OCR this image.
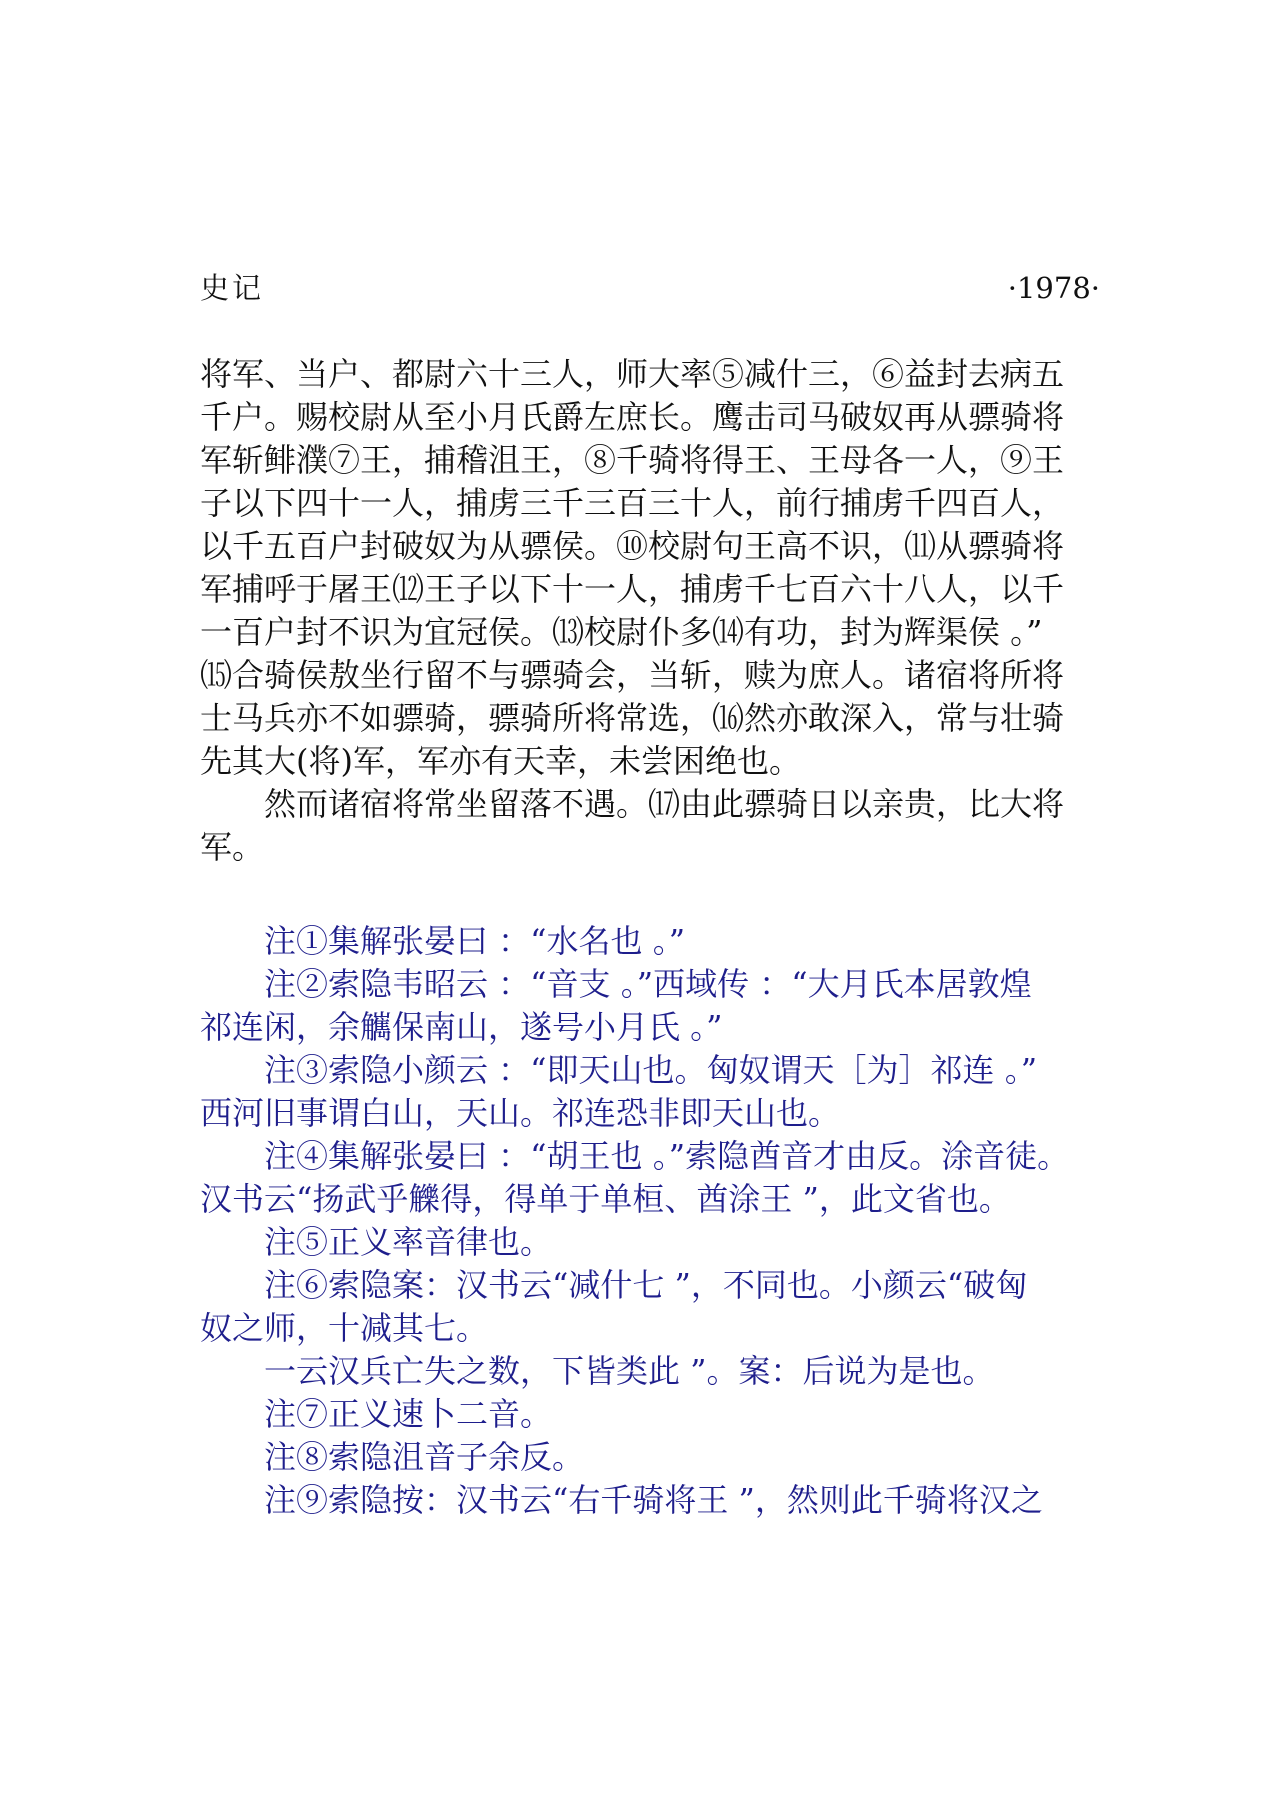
史记	·1978·
将军、当户、都尉六十三人，师大率⑤减什三，⑥益封去病五
千户。赐校尉从至小月氏爵左庶长。鹰击司马破奴再从骠骑将
军斩鲱濮⑦王，捕稽沮王，⑧千骑将得王、王母各一人，⑨王
子以下四十一人，捕虏三千三百三十人，前行捕虏千四百人，
以千五百户封破奴为从骠侯。⑩校尉句王高不识，⑾从骠骑将
军捕呼于屠王⑿王子以下十一人，捕虏千七百六十八人，以千
一百户封不识为宜冠侯。⒀校尉仆多⒁有功，封为辉渠侯 。”
⒂合骑侯敖坐行留不与骠骑会，当斩，赎为庶人。诸宿将所将
士马兵亦不如骠骑，骠骑所将常选，⒃然亦敢深入，常与壮骑
先其大(将)军，军亦有天幸，未尝困绝也。
然而诸宿将常坐留落不遇。⒄由此骠骑日以亲贵，比大将
军。
注①集解张晏曰 ：“水名也 。”
注②索隐韦昭云 ：“音支 。”西域传 ：“大月氏本居敦煌
祁连闲，余觽保南山，遂号小月氏 。”
注③索隐小颜云 ：“即天山也。匈奴谓天［为］祁连 。”
西河旧事谓白山，天山。祁连恐非即天山也。
注④集解张晏曰 ：“胡王也 。”索隐酋音才由反。涂音徒。
汉书云“扬武乎觻得，得单于单桓、酋涂王 ”，此文省也。
注⑤正义率音律也。
注⑥索隐案：汉书云“减什七 ”，不同也。小颜云“破匈
奴之师，十减其七。
一云汉兵亡失之数，下皆类此 ”。案：后说为是也。
注⑦正义速卜二音。
注⑧索隐沮音子余反。
注⑨索隐按：汉书云“右千骑将王 ”，然则此千骑将汉之
